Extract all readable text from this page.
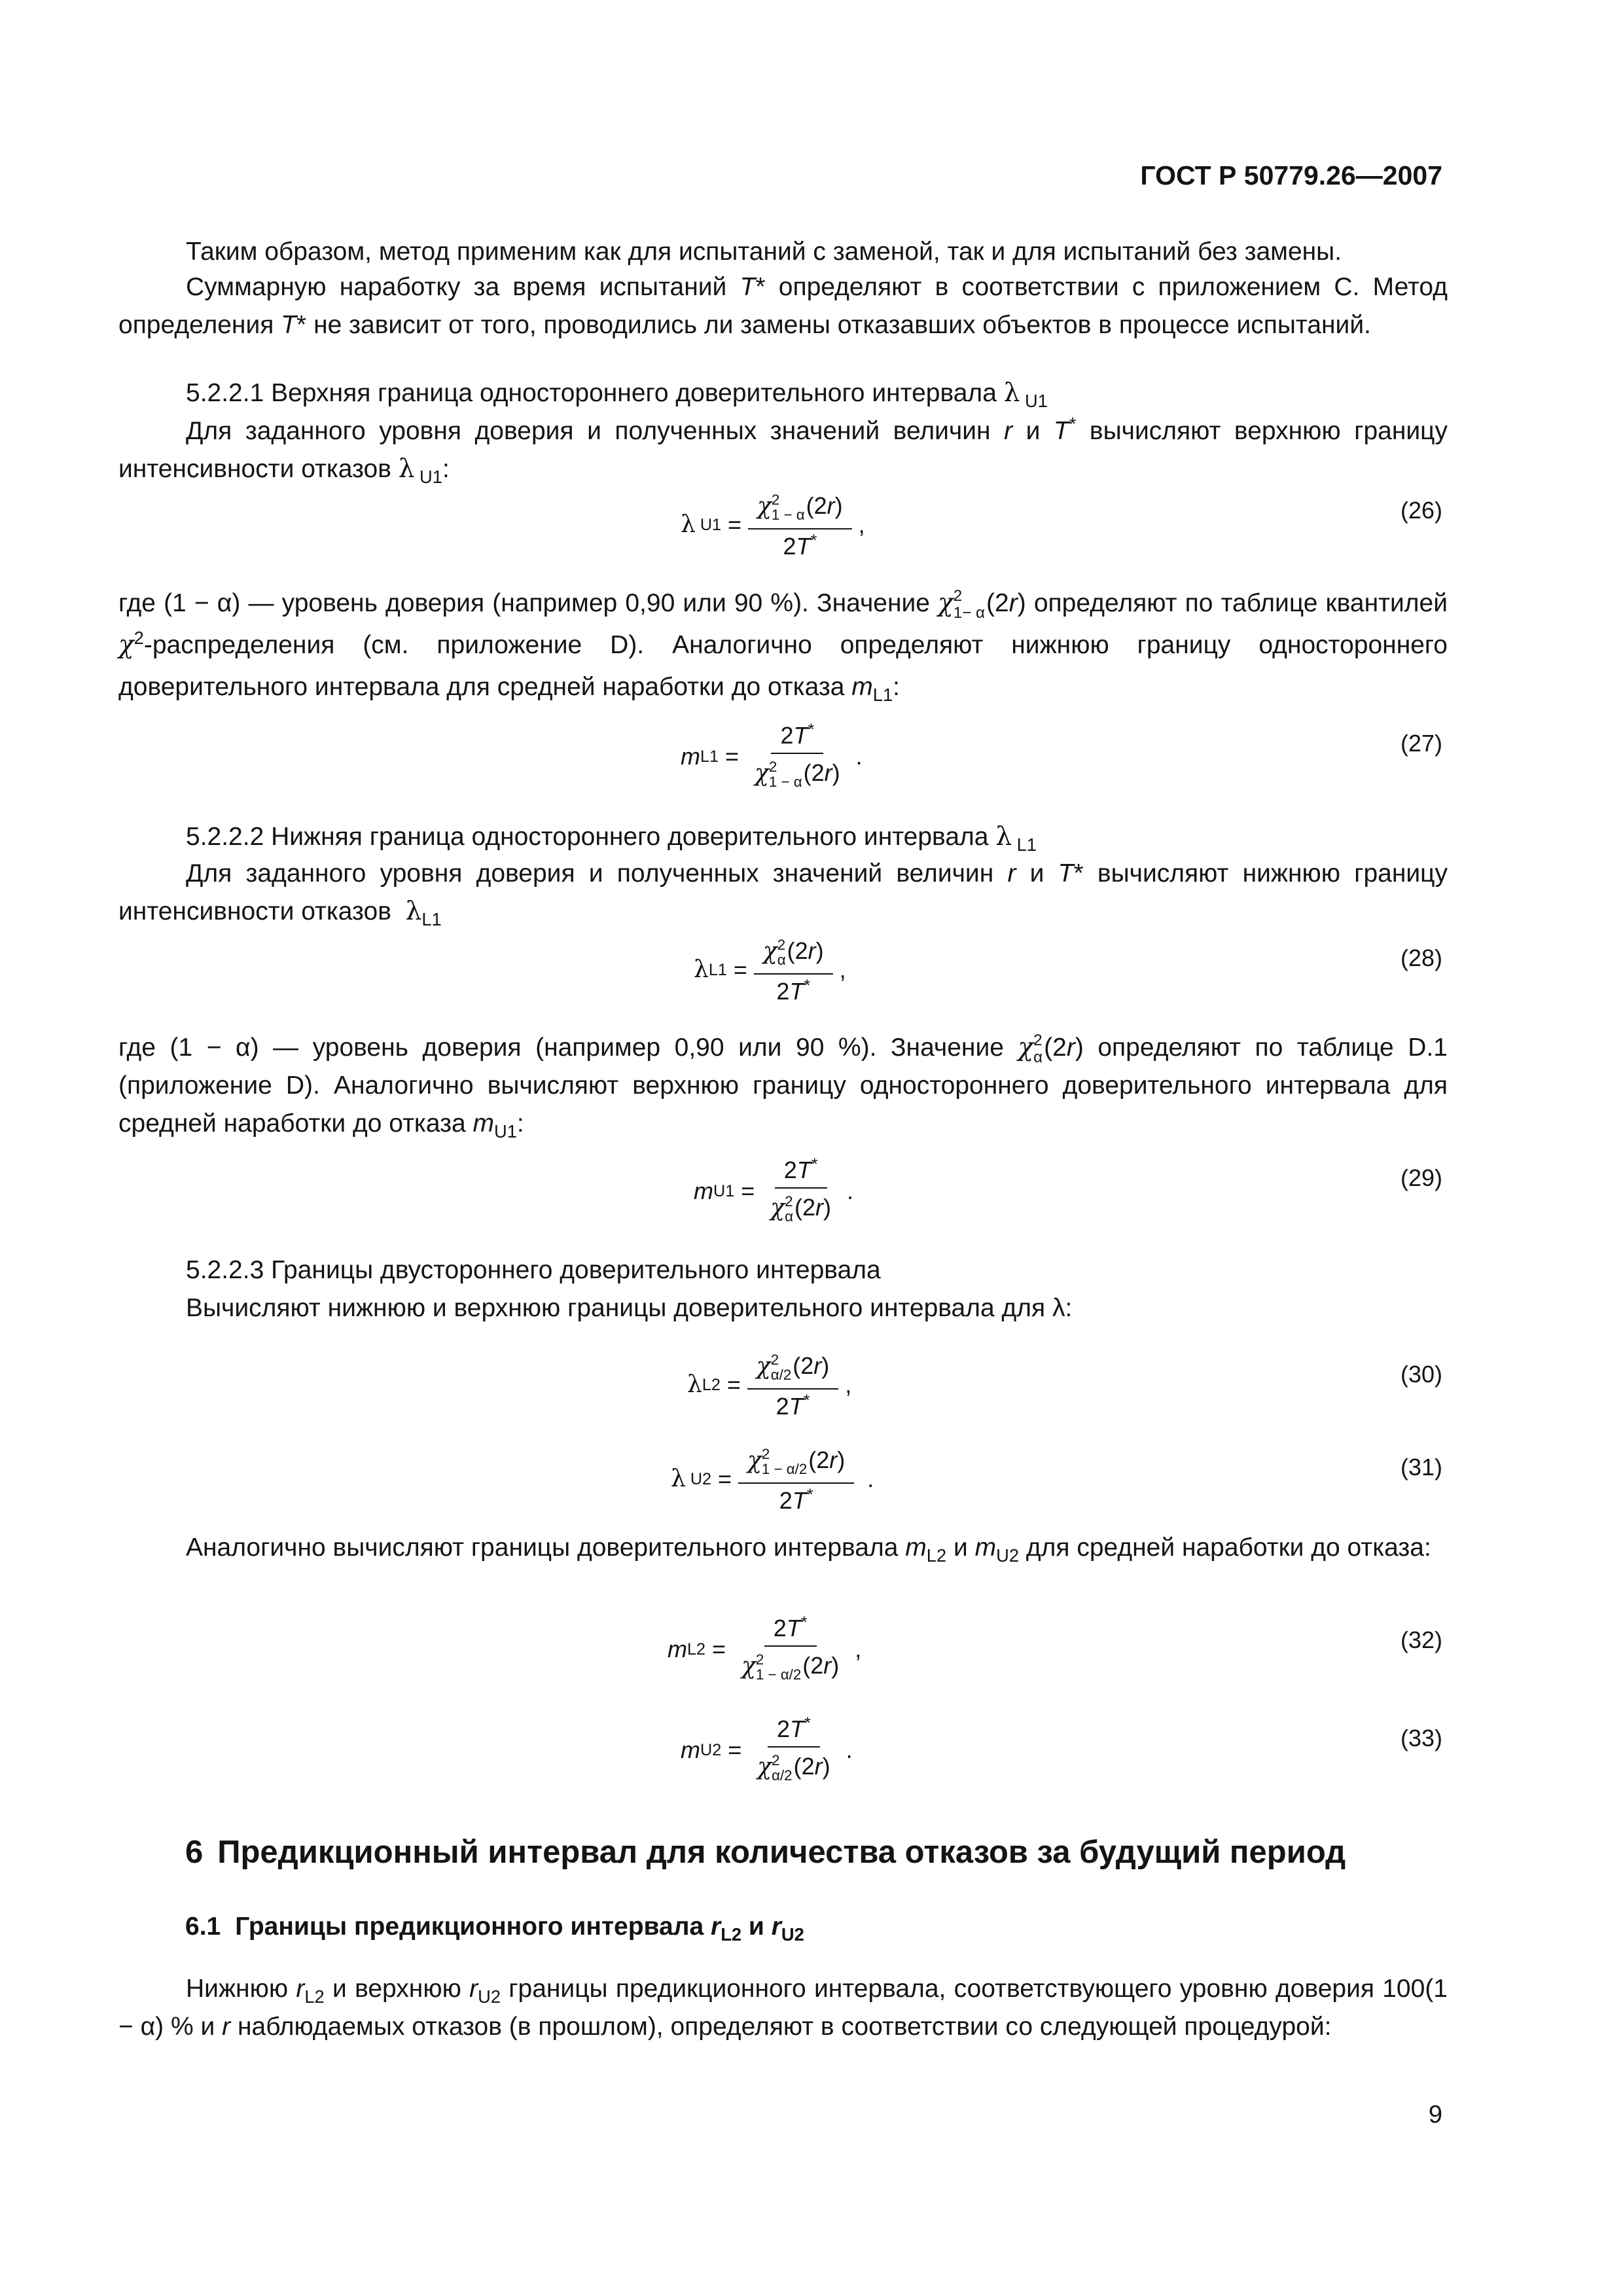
ГОСТ Р 50779.26—2007

Таким образом, метод применим как для испытаний с заменой, так и для испытаний без замены.

Суммарную наработку за время испытаний T* определяют в соответствии с приложением С. Метод определения T* не зависит от того, проводились ли замены отказавших объектов в процессе испытаний.

5.2.2.1 Верхняя граница одностороннего доверительного интервала λ $_{U1}$

Для заданного уровня доверия и полученных значений величин r и T* вычисляют верхнюю границу интенсивности отказов λ $_{U1}$:

λ U1 = χ 2
1 − α (2r)
2T* ,
(26)

где (1 − α) — уровень доверия (например 0,90 или 90 %). Значение χ 2
1− α (2r) определяют по таблице квантилей $\chi^2$-распределения (см. приложение D). Аналогично определяют нижнюю границу одностороннего доверительного интервала для средней наработки до отказа $m_{L1}$:

m L1 = 2T*
χ 2
1 − α (2r) .	(27)

5.2.2.2 Нижняя граница одностороннего доверительного интервала λ $_{L1}$

Для заданного уровня доверия и полученных значений величин r и T* вычисляют нижнюю границу интенсивности отказов  $\lambda_{L1}$

λ L1 = χ 2
α (2r)
2T* ,	(28)

где (1 − α) — уровень доверия (например 0,90 или 90 %). Значение χ 2
α (2r) определяют по таблице D.1 (приложение D). Аналогично вычисляют верхнюю границу одностороннего доверительного интервала для средней наработки до отказа $m_{U1}$:

m U1 = 2T*
χ 2
α (2r) .	(29)

5.2.2.3 Границы двустороннего доверительного интервала

Вычисляют нижнюю и верхнюю границы доверительного интервала для λ:

λ L2 = χ 2
α/2 (2r)
2T* ,	(30)
λ U2 = χ 2
1 − α/2 (2r)
2T* .	(31)

Аналогично вычисляют границы доверительного интервала $m_{L2}$ и $m_{U2}$ для средней наработки до отказа:

m L2 = 2T*
χ 2
1 − α/2 (2r) ,	(32)
m U2 = 2T*
χ 2
α/2 (2r) .	(33)
6 Предикционный интервал для количества отказов за будущий период
6.1 Границы предикционного интервала $r_{L2}$ и $r_{U2}$

Нижнюю $r_{L2}$ и верхнюю $r_{U2}$ границы предикционного интервала, соответствующего уровню доверия 100(1 − α) % и r наблюдаемых отказов (в прошлом), определяют в соответствии со следующей процедурой:

9
